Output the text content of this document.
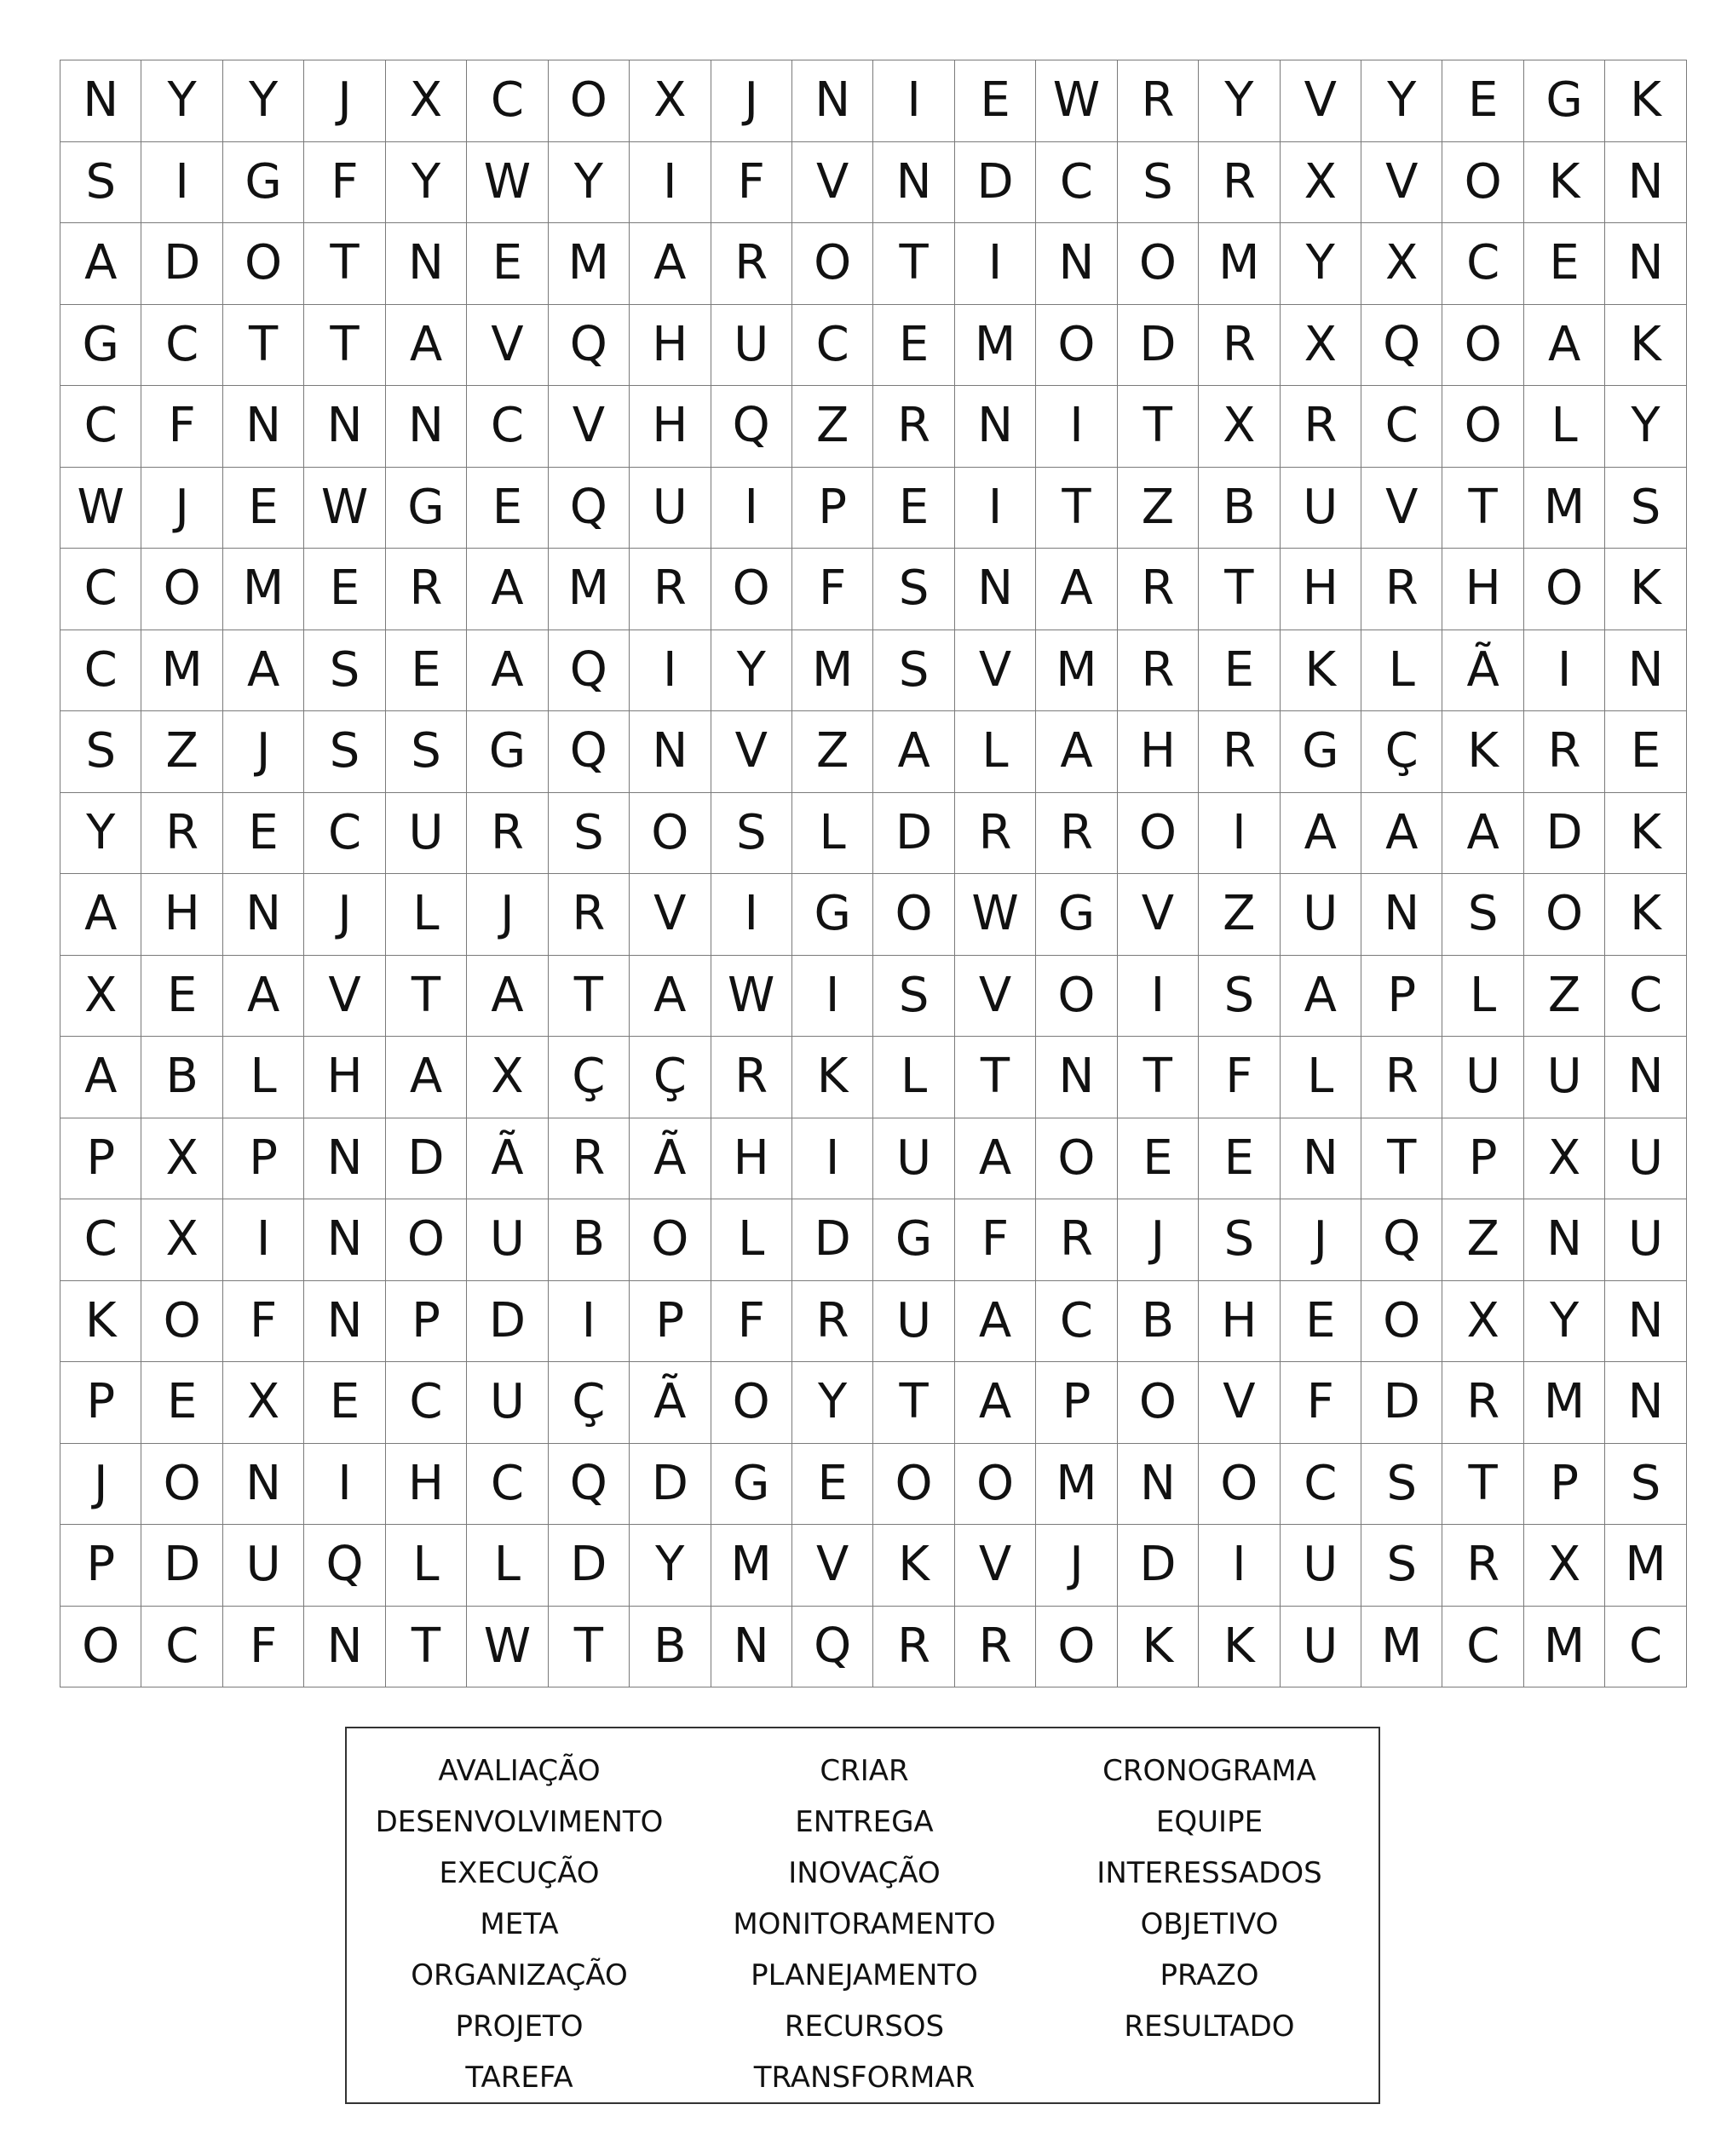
N	Y	Y	J	X	C	O	X	J	N	I	E	W	R	Y	V	Y	E	G	K
S	I	G	F	Y	W	Y	I	F	V	N	D	C	S	R	X	V	O	K	N
A	D	O	T	N	E	M	A	R	O	T	I	N	O	M	Y	X	C	E	N
G	C	T	T	A	V	Q	H	U	C	E	M	O	D	R	X	Q	O	A	K
C	F	N	N	N	C	V	H	Q	Z	R	N	I	T	X	R	C	O	L	Y
W	J	E	W	G	E	Q	U	I	P	E	I	T	Z	B	U	V	T	M	S
C	O	M	E	R	A	M	R	O	F	S	N	A	R	T	H	R	H	O	K
C	M	A	S	E	A	Q	I	Y	M	S	V	M	R	E	K	L	Ã	I	N
S	Z	J	S	S	G	Q	N	V	Z	A	L	A	H	R	G	Ç	K	R	E
Y	R	E	C	U	R	S	O	S	L	D	R	R	O	I	A	A	A	D	K
A	H	N	J	L	J	R	V	I	G	O	W	G	V	Z	U	N	S	O	K
X	E	A	V	T	A	T	A	W	I	S	V	O	I	S	A	P	L	Z	C
A	B	L	H	A	X	Ç	Ç	R	K	L	T	N	T	F	L	R	U	U	N
P	X	P	N	D	Ã	R	Ã	H	I	U	A	O	E	E	N	T	P	X	U
C	X	I	N	O	U	B	O	L	D	G	F	R	J	S	J	Q	Z	N	U
K	O	F	N	P	D	I	P	F	R	U	A	C	B	H	E	O	X	Y	N
P	E	X	E	C	U	Ç	Ã	O	Y	T	A	P	O	V	F	D	R	M	N
J	O	N	I	H	C	Q	D	G	E	O	O	M	N	O	C	S	T	P	S
P	D	U	Q	L	L	D	Y	M	V	K	V	J	D	I	U	S	R	X	M
O	C	F	N	T	W	T	B	N	Q	R	R	O	K	K	U	M	C	M	C
AVALIAÇÃO	CRIAR	CRONOGRAMA
DESENVOLVIMENTO	ENTREGA	EQUIPE
EXECUÇÃO	INOVAÇÃO	INTERESSADOS
META	MONITORAMENTO	OBJETIVO
ORGANIZAÇÃO	PLANEJAMENTO	PRAZO
PROJETO	RECURSOS	RESULTADO
TAREFA	TRANSFORMAR
